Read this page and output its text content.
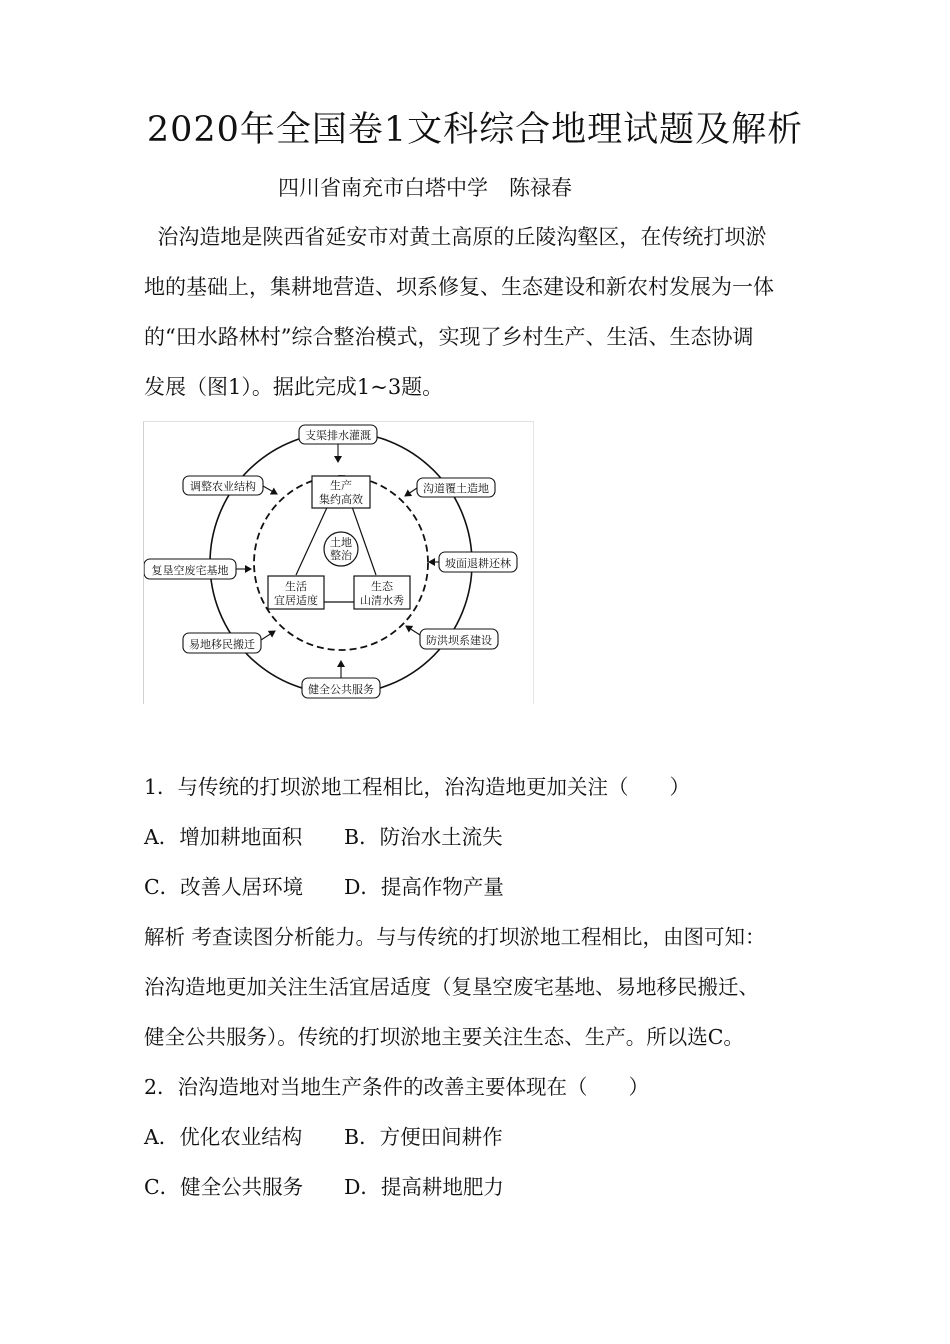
2020年全国卷1文科综合地理试题及解析
四川省南充市白塔中学　陈禄春

治沟造地是陕西省延安市对黄土高原的丘陵沟壑区，在传统打坝淤

地的基础上，集耕地营造、坝系修复、生态建设和新农村发展为一体

的“田水路林村”综合整治模式，实现了乡村生产、生活、生态协调

发展（图1）。据此完成1~3题。

土地
整治
生产
集约高效
生活
宜居适度
生态
山清水秀
支渠排水灌溉
调整农业结构	沟道覆土造地
复垦空废宅基地
坡面退耕还林
易地移民搬迁	防洪坝系建设
健全公共服务
1．与传统的打坝淤地工程相比，治沟造地更加关注（　　）
A．增加耕地面积 B．防治水土流失
C．改善人居环境 D．提高作物产量
解析 考查读图分析能力。与与传统的打坝淤地工程相比，由图可知：
治沟造地更加关注生活宜居适度（复垦空废宅基地、易地移民搬迁、
健全公共服务）。传统的打坝淤地主要关注生态、生产。所以选C。
2．治沟造地对当地生产条件的改善主要体现在（　　）
A．优化农业结构 B．方便田间耕作
C．健全公共服务 D．提高耕地肥力
